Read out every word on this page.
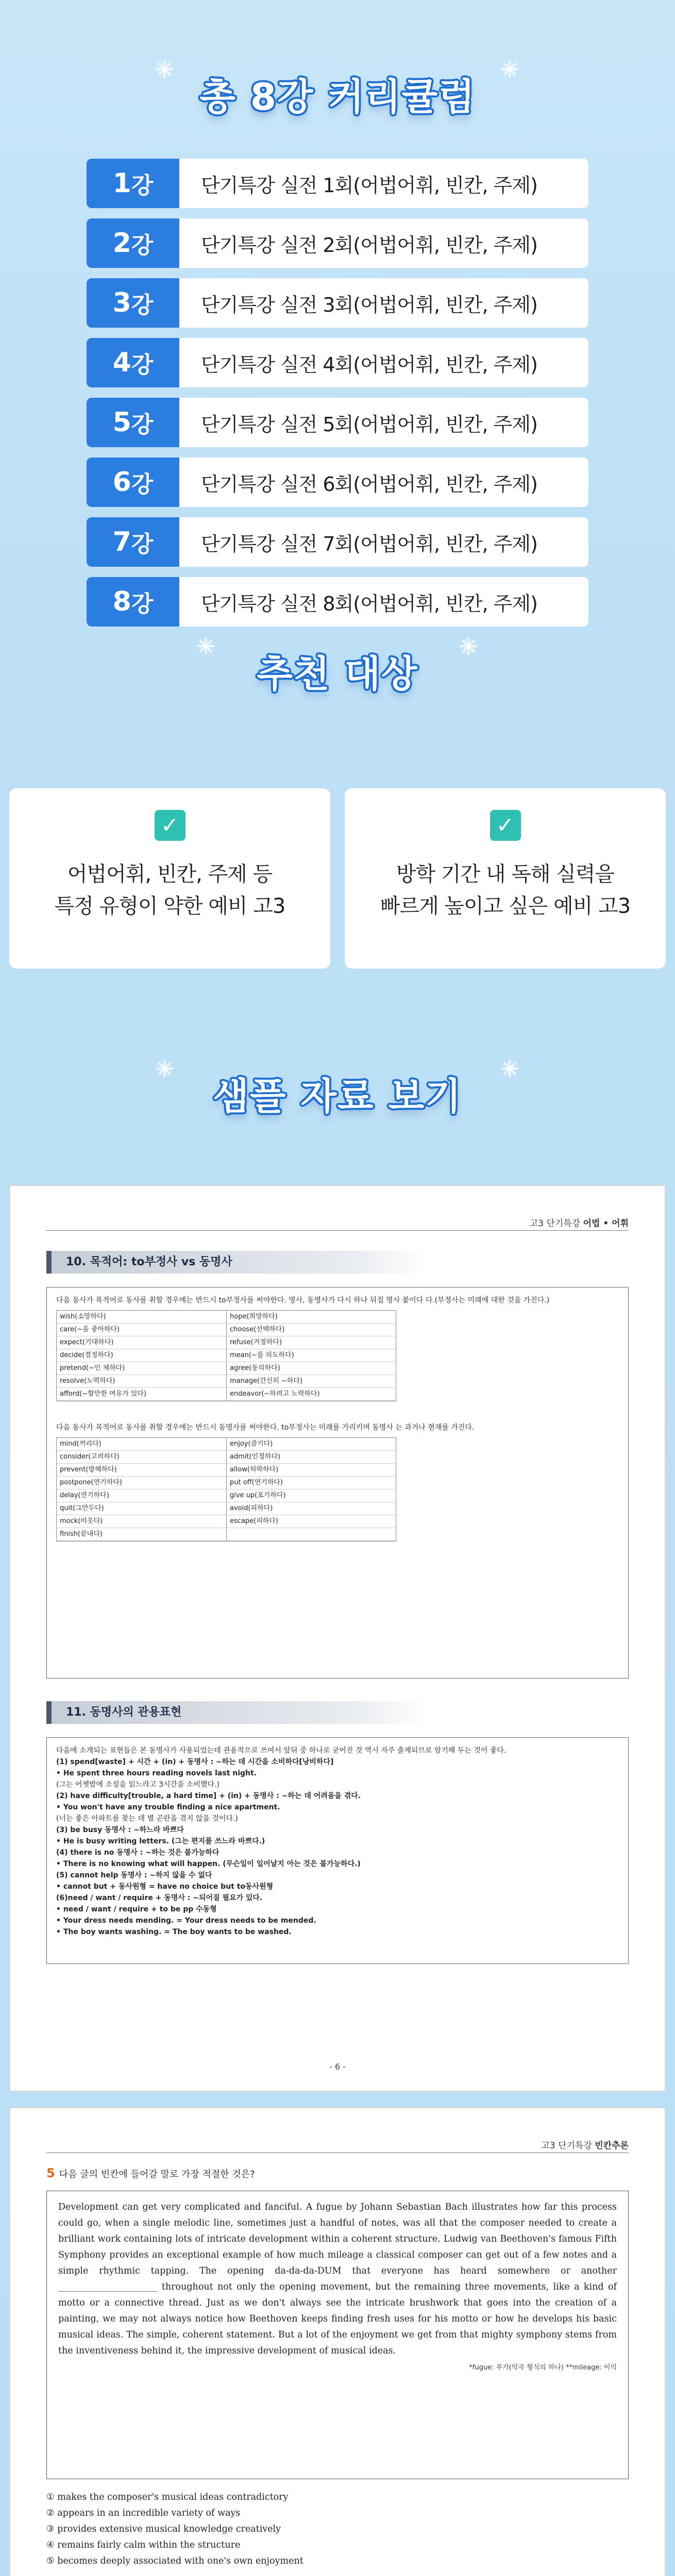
✳	✳
총 8강 커리큘럼
1 강	단기특강 실전 1회(어법어휘, 빈칸, 주제)
2 강	단기특강 실전 2회(어법어휘, 빈칸, 주제)
3 강	단기특강 실전 3회(어법어휘, 빈칸, 주제)
4 강	단기특강 실전 4회(어법어휘, 빈칸, 주제)
5 강	단기특강 실전 5회(어법어휘, 빈칸, 주제)
6 강	단기특강 실전 6회(어법어휘, 빈칸, 주제)
7 강	단기특강 실전 7회(어법어휘, 빈칸, 주제)
8 강	단기특강 실전 8회(어법어휘, 빈칸, 주제)
✳	✳
추천 대상
✓
어법어휘, 빈칸, 주제 등
특정 유형이 약한 예비 고3
✓
방학 기간 내 독해 실력을
빠르게 높이고 싶은 예비 고3
✳	✳
샘플 자료 보기
고3 단기특강 어법 • 어휘
10. 목적어: to부정사 vs 동명사
다음 동사가 목적어로 동사를 취할 경우에는 반드시 to부정사를 써야한다. 명사, 동명사가 다시 하나 뒤집 명사 붙이다 다.(부정사는 미래에 대한 것을 가진다.)
wish(소망하다)	hope(희망하다)
care(~을 좋아하다)	choose(선택하다)
expect(기대하다)	refuse(거절하다)
decide(결정하다)	mean(~를 의도하다)
pretend(~인 체하다)	agree(동의하다)
resolve(노력하다)	manage(간신히 ~하다)
afford(~할만한 여유가 있다)	endeavor(~하려고 노력하다)
다음 동사가 목적어로 동사를 취할 경우에는 반드시 동명사를 써야한다. to부정사는 미래를 가리키며 동명사 는 과거나 현재를 가진다.
mind(꺼리다)	enjoy(즐기다)
consider(고려하다)	admit(인정하다)
prevent(방해하다)	allow(허락하다)
postpone(연기하다)	put off(연기하다)
delay(연기하다)	give up(포기하다)
quit(그만두다)	avoid(피하다)
mock(비웃다)	escape(피하다)
finish(끝내다)
11. 동명사의 관용표현

다음에 소개되는 표현들은 본 동명사가 사용되었는데 관용적으로 쓰여서 앞뒤 중 하나로 굳어진 것 역시 자주 출제되므로 암기해 두는 것이 좋다.

(1) spend[waste] + 시간 + (in) + 동명사 : ~하는 데 시간을 소비하다[낭비하다]

• He spent three hours reading novels last night.

(그는 어젯밤에 소설을 읽느라고 3시간을 소비했다.)

(2) have difficulty[trouble, a hard time] + (in) + 동명사 : ~하는 데 어려움을 겪다.

• You won't have any trouble finding a nice apartment.

(너는 좋은 아파트를 찾는 데 별 곤란을 겪지 않을 것이다.)

(3) be busy 동명사 : ~하느라 바쁘다

• He is busy writing letters. (그는 편지를 쓰느라 바쁘다.)

(4) there is no 동명사 : ~하는 것은 불가능하다

• There is no knowing what will happen. (무슨일이 일어날지 아는 것은 불가능하다.)

(5) cannot help 동명사 : ~하지 않을 수 없다

• cannot but + 동사원형 = have no choice but to동사원형

(6)need / want / require + 동명사 : ~되어질 필요가 있다.

• need / want / require + to be pp 수동형

• Your dress needs mending. = Your dress needs to be mended.

• The boy wants washing. = The boy wants to be washed.

- 6 -
고3 단기특강 빈칸추론
5 다음 글의 빈칸에 들어갈 말로 가장 적절한 것은?
Development can get very complicated and fanciful. A fugue by Johann Sebastian Bach illustrates how far this process could go, when a single melodic line, sometimes just a handful of notes, was all that the composer needed to create a brilliant work containing lots of intricate development within a coherent structure. Ludwig van Beethoven's famous Fifth Symphony provides an exceptional example of how much mileage a classical composer can get out of a few notes and a simple rhythmic tapping. The opening da-da-da-DUM that everyone has heard somewhere or another ______________________ throughout not only the opening movement, but the remaining three movements, like a kind of motto or a connective thread. Just as we don't always see the intricate brushwork that goes into the creation of a painting, we may not always notice how Beethoven keeps finding fresh uses for his motto or how he develops his basic musical ideas. The simple, coherent statement. But a lot of the enjoyment we get from that mighty symphony stems from the inventiveness behind it, the impressive development of musical ideas.
*fugue: 푸가(악곡 형식의 하나) **mileage: 이익
① makes the composer's musical ideas contradictory
② appears in an incredible variety of ways
③ provides extensive musical knowledge creatively
④ remains fairly calm within the structure
⑤ becomes deeply associated with one's own enjoyment
